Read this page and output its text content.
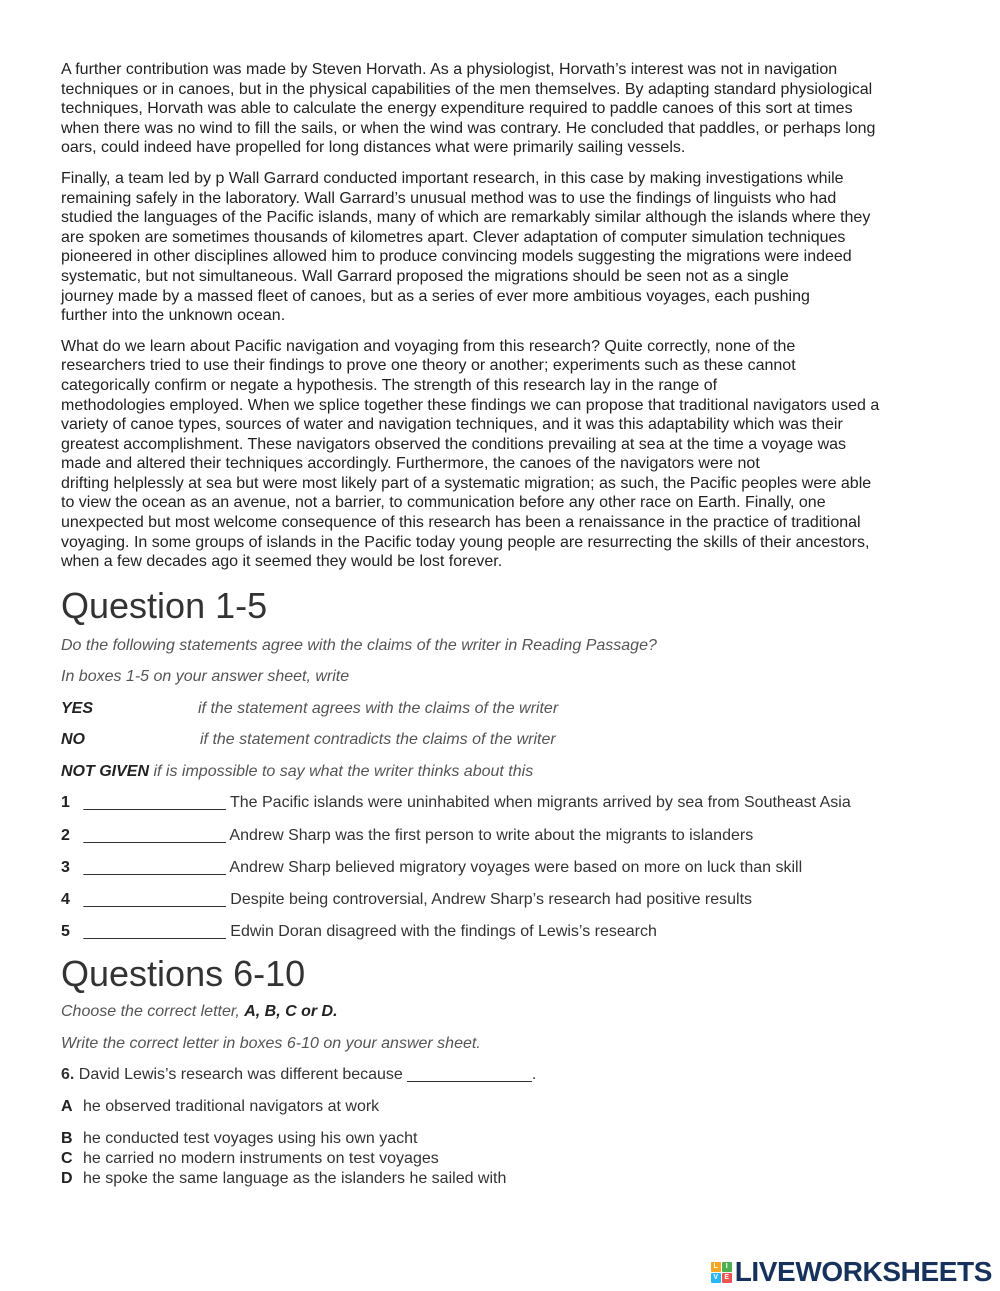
A further contribution was made by Steven Horvath. As a physiologist, Horvath’s interest was not in navigation
techniques or in canoes, but in the physical capabilities of the men themselves. By adapting standard physiological
techniques, Horvath was able to calculate the energy expenditure required to paddle canoes of this sort at times
when there was no wind to fill the sails, or when the wind was contrary. He concluded that paddles, or perhaps long
oars, could indeed have propelled for long distances what were primarily sailing vessels.
Finally, a team led by p Wall Garrard conducted important research, in this case by making investigations while
remaining safely in the laboratory. Wall Garrard’s unusual method was to use the findings of linguists who had
studied the languages of the Pacific islands, many of which are remarkably similar although the islands where they
are spoken are sometimes thousands of kilometres apart. Clever adaptation of computer simulation techniques
pioneered in other disciplines allowed him to produce convincing models suggesting the migrations were indeed
systematic, but not simultaneous. Wall Garrard proposed the migrations should be seen not as a single
journey made by a massed fleet of canoes, but as a series of ever more ambitious voyages, each pushing
further into the unknown ocean.
What do we learn about Pacific navigation and voyaging from this research? Quite correctly, none of the
researchers tried to use their findings to prove one theory or another; experiments such as these cannot
categorically confirm or negate a hypothesis. The strength of this research lay in the range of
methodologies employed. When we splice together these findings we can propose that traditional navigators used a
variety of canoe types, sources of water and navigation techniques, and it was this adaptability which was their
greatest accomplishment. These navigators observed the conditions prevailing at sea at the time a voyage was
made and altered their techniques accordingly. Furthermore, the canoes of the navigators were not
drifting helplessly at sea but were most likely part of a systematic migration; as such, the Pacific peoples were able
to view the ocean as an avenue, not a barrier, to communication before any other race on Earth. Finally, one
unexpected but most welcome consequence of this research has been a renaissance in the practice of traditional
voyaging. In some groups of islands in the Pacific today young people are resurrecting the skills of their ancestors,
when a few decades ago it seemed they would be lost forever.
Question 1-5
Do the following statements agree with the claims of the writer in Reading Passage?
In boxes 1-5 on your answer sheet, write
YES	if the statement agrees with the claims of the writer
NO	if the statement contradicts the claims of the writer
NOT GIVEN if is impossible to say what the writer thinks about this
1 ________________ The Pacific islands were uninhabited when migrants arrived by sea from Southeast Asia
2 ________________ Andrew Sharp was the first person to write about the migrants to islanders
3 ________________ Andrew Sharp believed migratory voyages were based on more on luck than skill
4 ________________ Despite being controversial, Andrew Sharp’s research had positive results
5 ________________ Edwin Doran disagreed with the findings of Lewis’s research
Questions 6-10
Choose the correct letter, A, B, C or D.
Write the correct letter in boxes 6-10 on your answer sheet.
6. David Lewis’s research was different because ______________.
A he observed traditional navigators at work
B he conducted test voyages using his own yacht
C he carried no modern instruments on test voyages
D he spoke the same language as the islanders he sailed with
L	I
V E LIVEWORKSHEETS
